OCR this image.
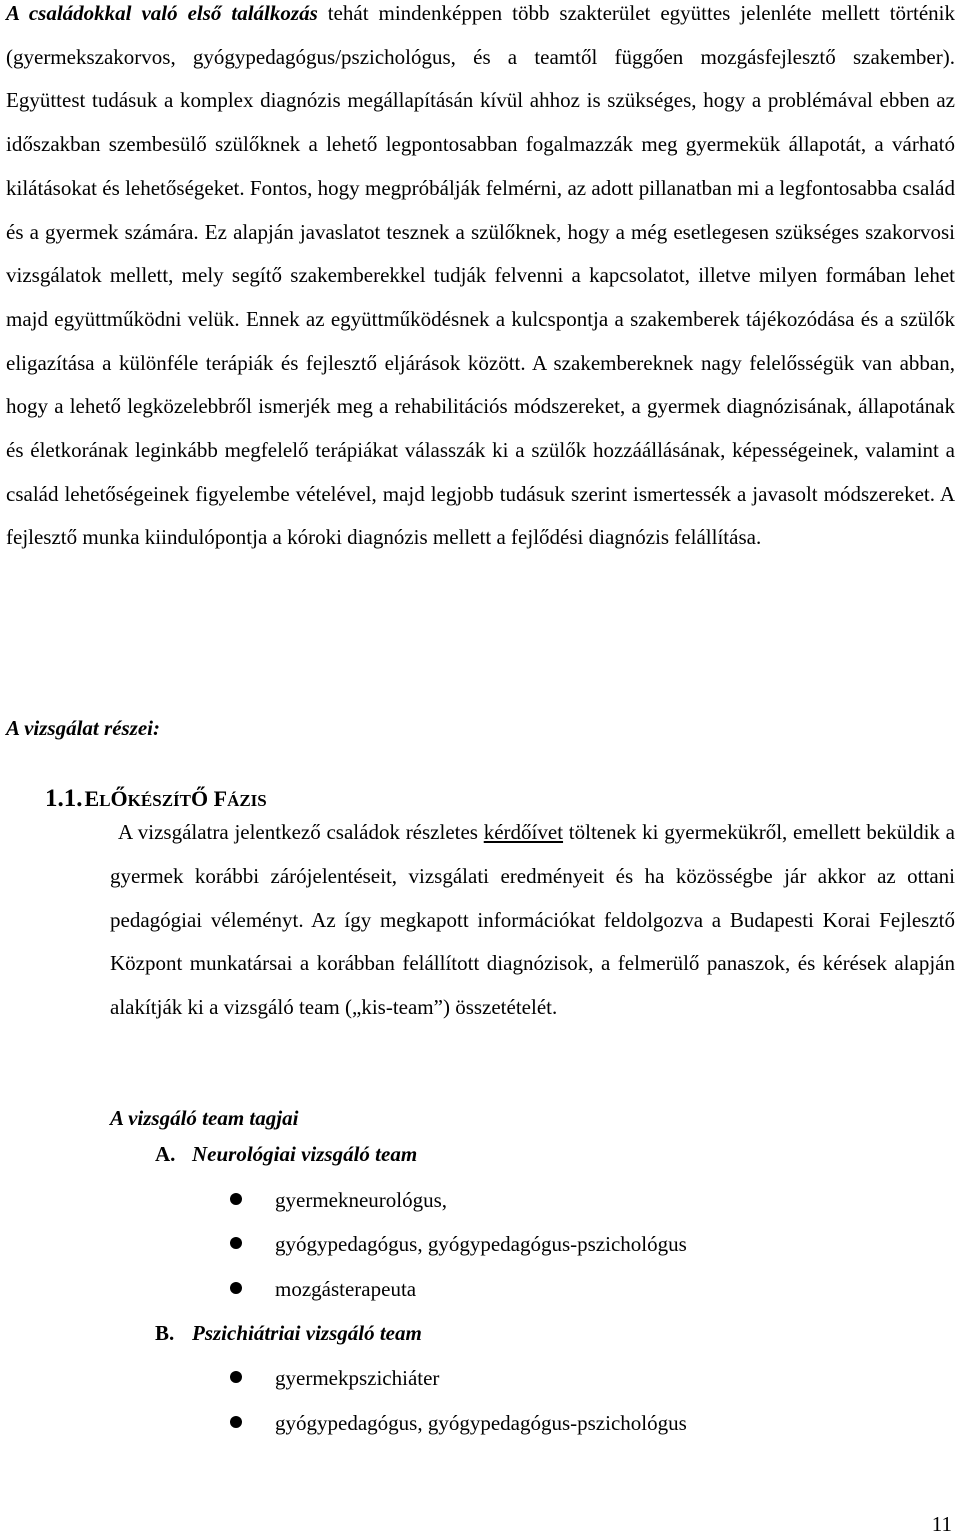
A családokkal való első találkozás tehát mindenképpen több szakterület együttes jelenléte mellett történik (gyermekszakorvos, gyógypedagógus/pszichológus, és a teamtől függően mozgásfejlesztő szakember). Együttest tudásuk a komplex diagnózis megállapításán kívül ahhoz is szükséges, hogy a problémával ebben az időszakban szembesülő szülőknek a lehető legpontosabban fogalmazzák meg gyermekük állapotát, a várható kilátásokat és lehetőségeket. Fontos, hogy megpróbálják felmérni, az adott pillanatban mi a legfontosabba család és a gyermek számára. Ez alapján javaslatot tesznek a szülőknek, hogy a még esetlegesen szükséges szakorvosi vizsgálatok mellett, mely segítő szakemberekkel tudják felvenni a kapcsolatot, illetve milyen formában lehet majd együttműködni velük. Ennek az együttműködésnek a kulcspontja a szakemberek tájékozódása és a szülők eligazítása a különféle terápiák és fejlesztő eljárások között. A szakembereknek nagy felelősségük van abban, hogy a lehető legközelebbről ismerjék meg a rehabilitációs módszereket, a gyermek diagnózisának, állapotának és életkorának leginkább megfelelő terápiákat válasszák ki a szülők hozzáállásának, képességeinek, valamint a család lehetőségeinek figyelembe vételével, majd legjobb tudásuk szerint ismertessék a javasolt módszereket. A fejlesztő munka kiindulópontja a kóroki diagnózis mellett a fejlődési diagnózis felállítása.

A vizsgálat részei:
1.1.ELŐKÉSZÍTŐ FÁZIS

A vizsgálatra jelentkező családok részletes kérdőívet töltenek ki gyermekükről, emellett beküldik a gyermek korábbi zárójelentéseit, vizsgálati eredményeit és ha közösségbe jár akkor az ottani pedagógiai véleményt. Az így megkapott információkat feldolgozva a Budapesti Korai Fejlesztő Központ munkatársai a korábban felállított diagnózisok, a felmerülő panaszok, és kérések alapján alakítják ki a vizsgáló team („kis-team”) összetételét.

A vizsgáló team tagjai
A. Neurológiai vizsgáló team
gyermekneurológus,
gyógypedagógus, gyógypedagógus-pszichológus
mozgásterapeuta
B. Pszichiátriai vizsgáló team
gyermekpszichiáter
gyógypedagógus, gyógypedagógus-pszichológus
11
